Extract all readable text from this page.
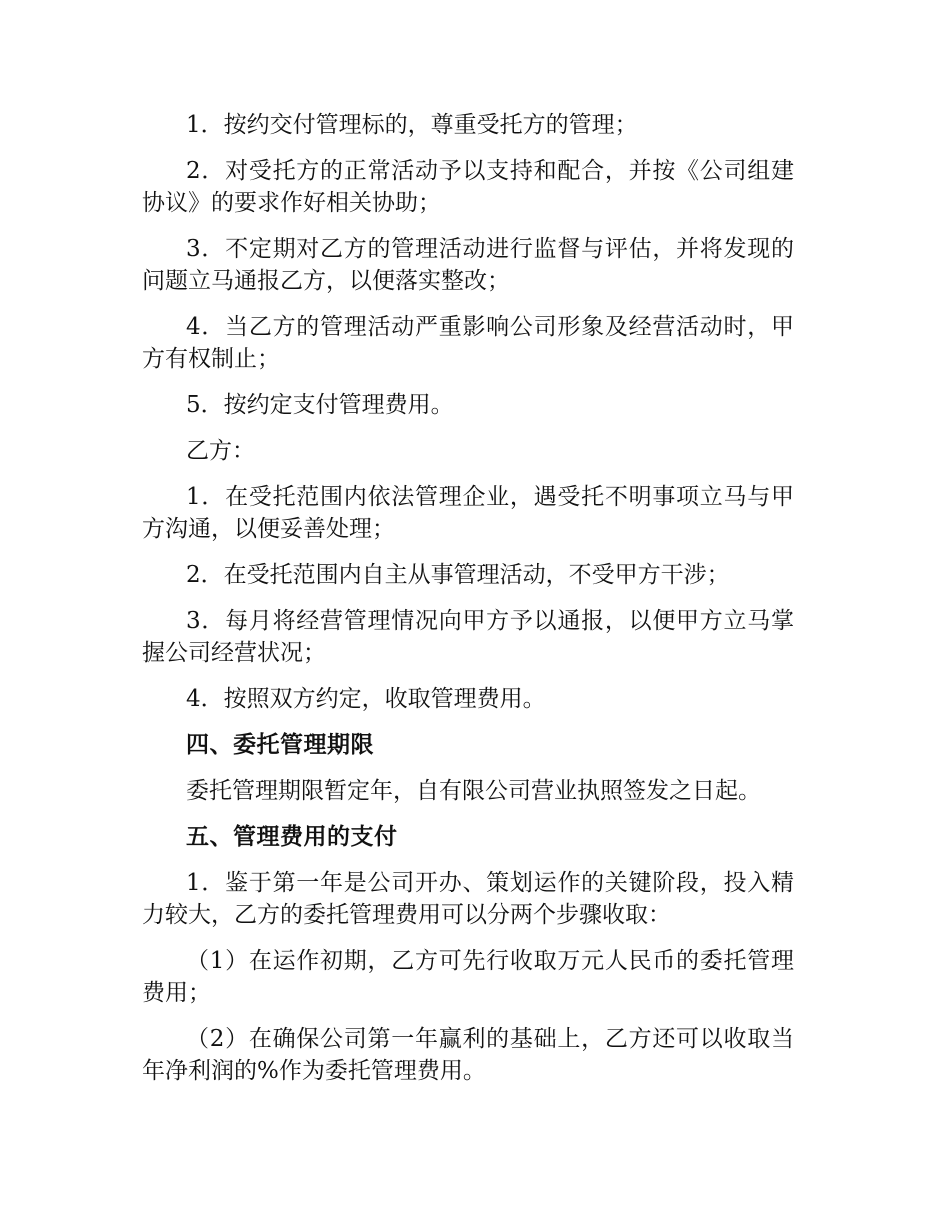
1．按约交付管理标的，尊重受托方的管理；

2．对受托方的正常活动予以支持和配合，并按《公司组建协议》的要求作好相关协助；

3．不定期对乙方的管理活动进行监督与评估，并将发现的问题立马通报乙方，以便落实整改；

4．当乙方的管理活动严重影响公司形象及经营活动时，甲方有权制止；

5．按约定支付管理费用。

乙方：

1．在受托范围内依法管理企业，遇受托不明事项立马与甲方沟通，以便妥善处理；

2．在受托范围内自主从事管理活动，不受甲方干涉；

3．每月将经营管理情况向甲方予以通报，以便甲方立马掌握公司经营状况；

4．按照双方约定，收取管理费用。

四、委托管理期限

委托管理期限暂定年，自有限公司营业执照签发之日起。

五、管理费用的支付

1．鉴于第一年是公司开办、策划运作的关键阶段，投入精力较大，乙方的委托管理费用可以分两个步骤收取：

（1）在运作初期，乙方可先行收取万元人民币的委托管理费用；

（2）在确保公司第一年赢利的基础上，乙方还可以收取当年净利润的%作为委托管理费用。
